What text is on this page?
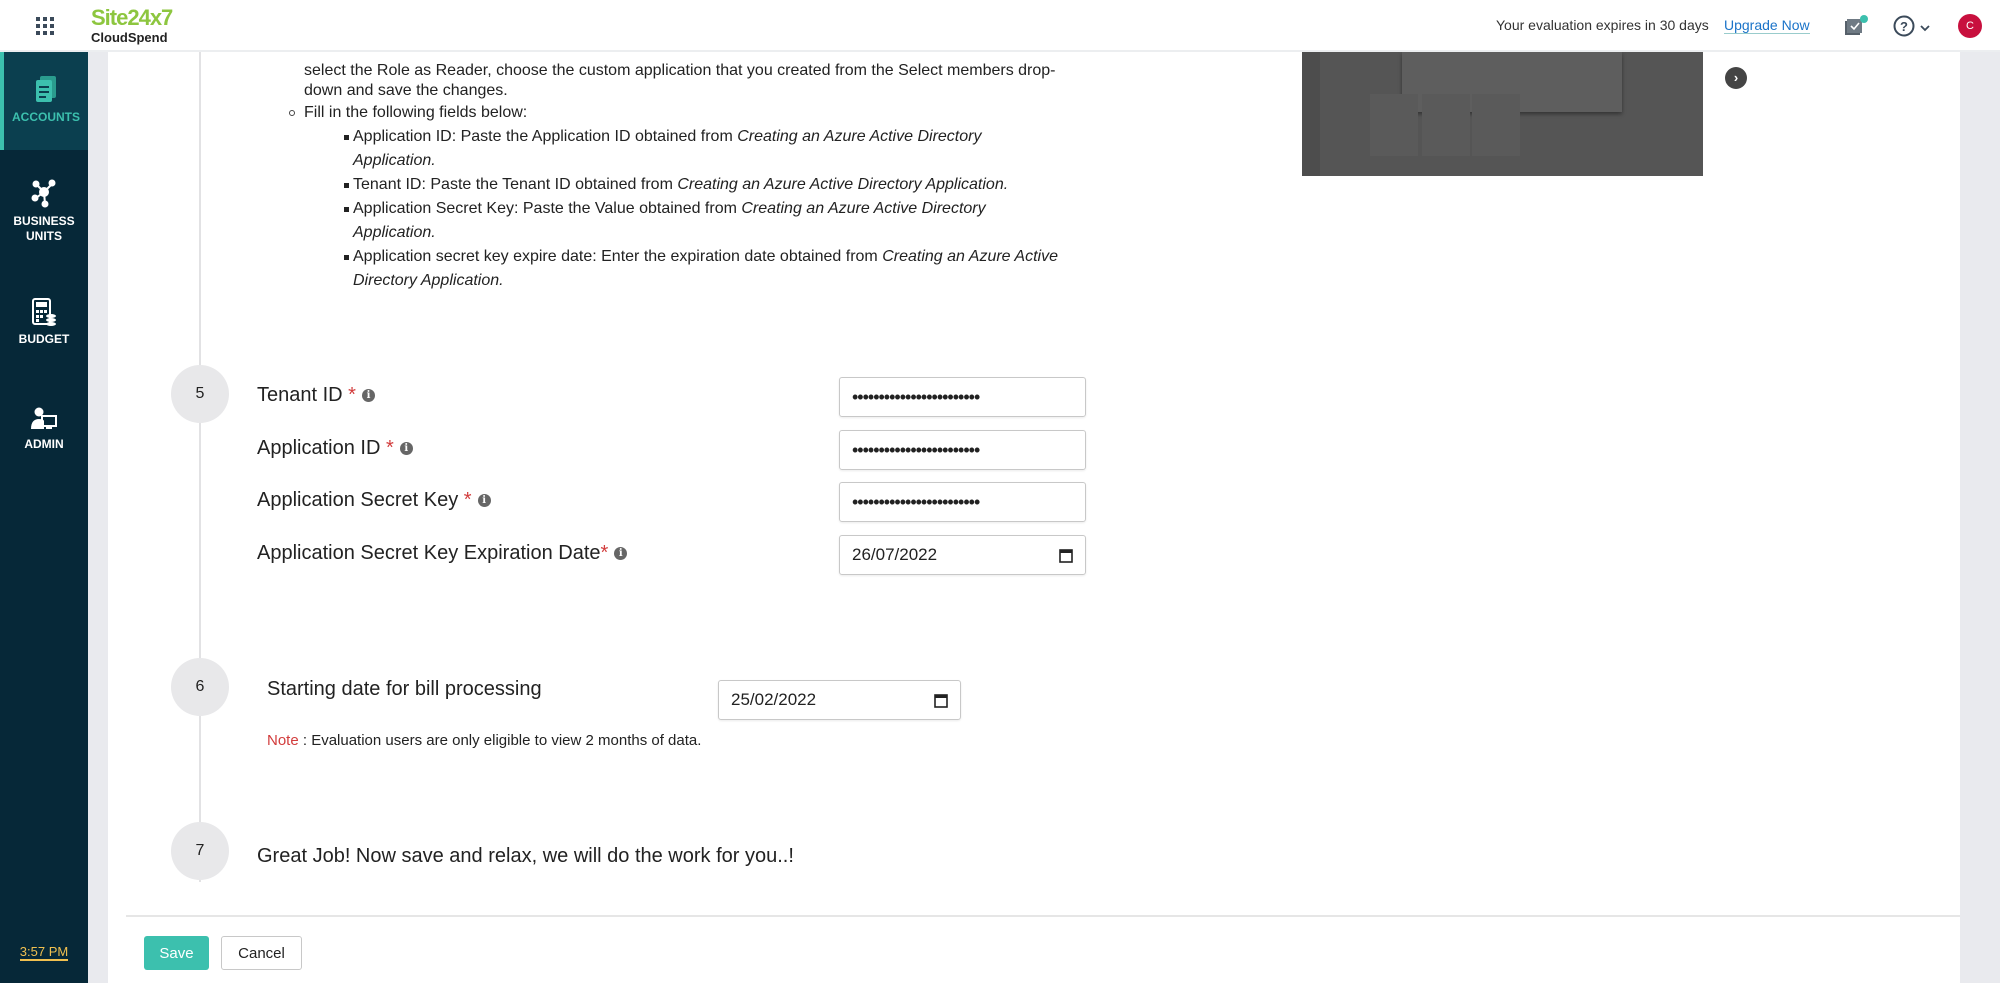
Site24x7
CloudSpend
Your evaluation expires in 30 days Upgrade Now	?	C
ACCOUNTS
BUSINESS UNITS
BUDGET
ADMIN
3:57 PM
select the Role as Reader, choose the custom application that you created from the Select members drop-
down and save the changes.
Fill in the following fields below:
Application ID: Paste the Application ID obtained from Creating an Azure Active Directory
Application.
Tenant ID: Paste the Tenant ID obtained from Creating an Azure Active Directory Application.
Application Secret Key: Paste the Value obtained from Creating an Azure Active Directory
Application.
Application secret key expire date: Enter the expiration date obtained from Creating an Azure Active
Directory Application.
›
5	Tenant ID * i	••••••••••••••••••••••••
Application ID * i	••••••••••••••••••••••••
Application Secret Key * i	••••••••••••••••••••••••
Application Secret Key Expiration Date* i	26/07/2022
6	Starting date for bill processing	25/02/2022
Note : Evaluation users are only eligible to view 2 months of data.
7	Great Job! Now save and relax, we will do the work for you..!
Save	Cancel
